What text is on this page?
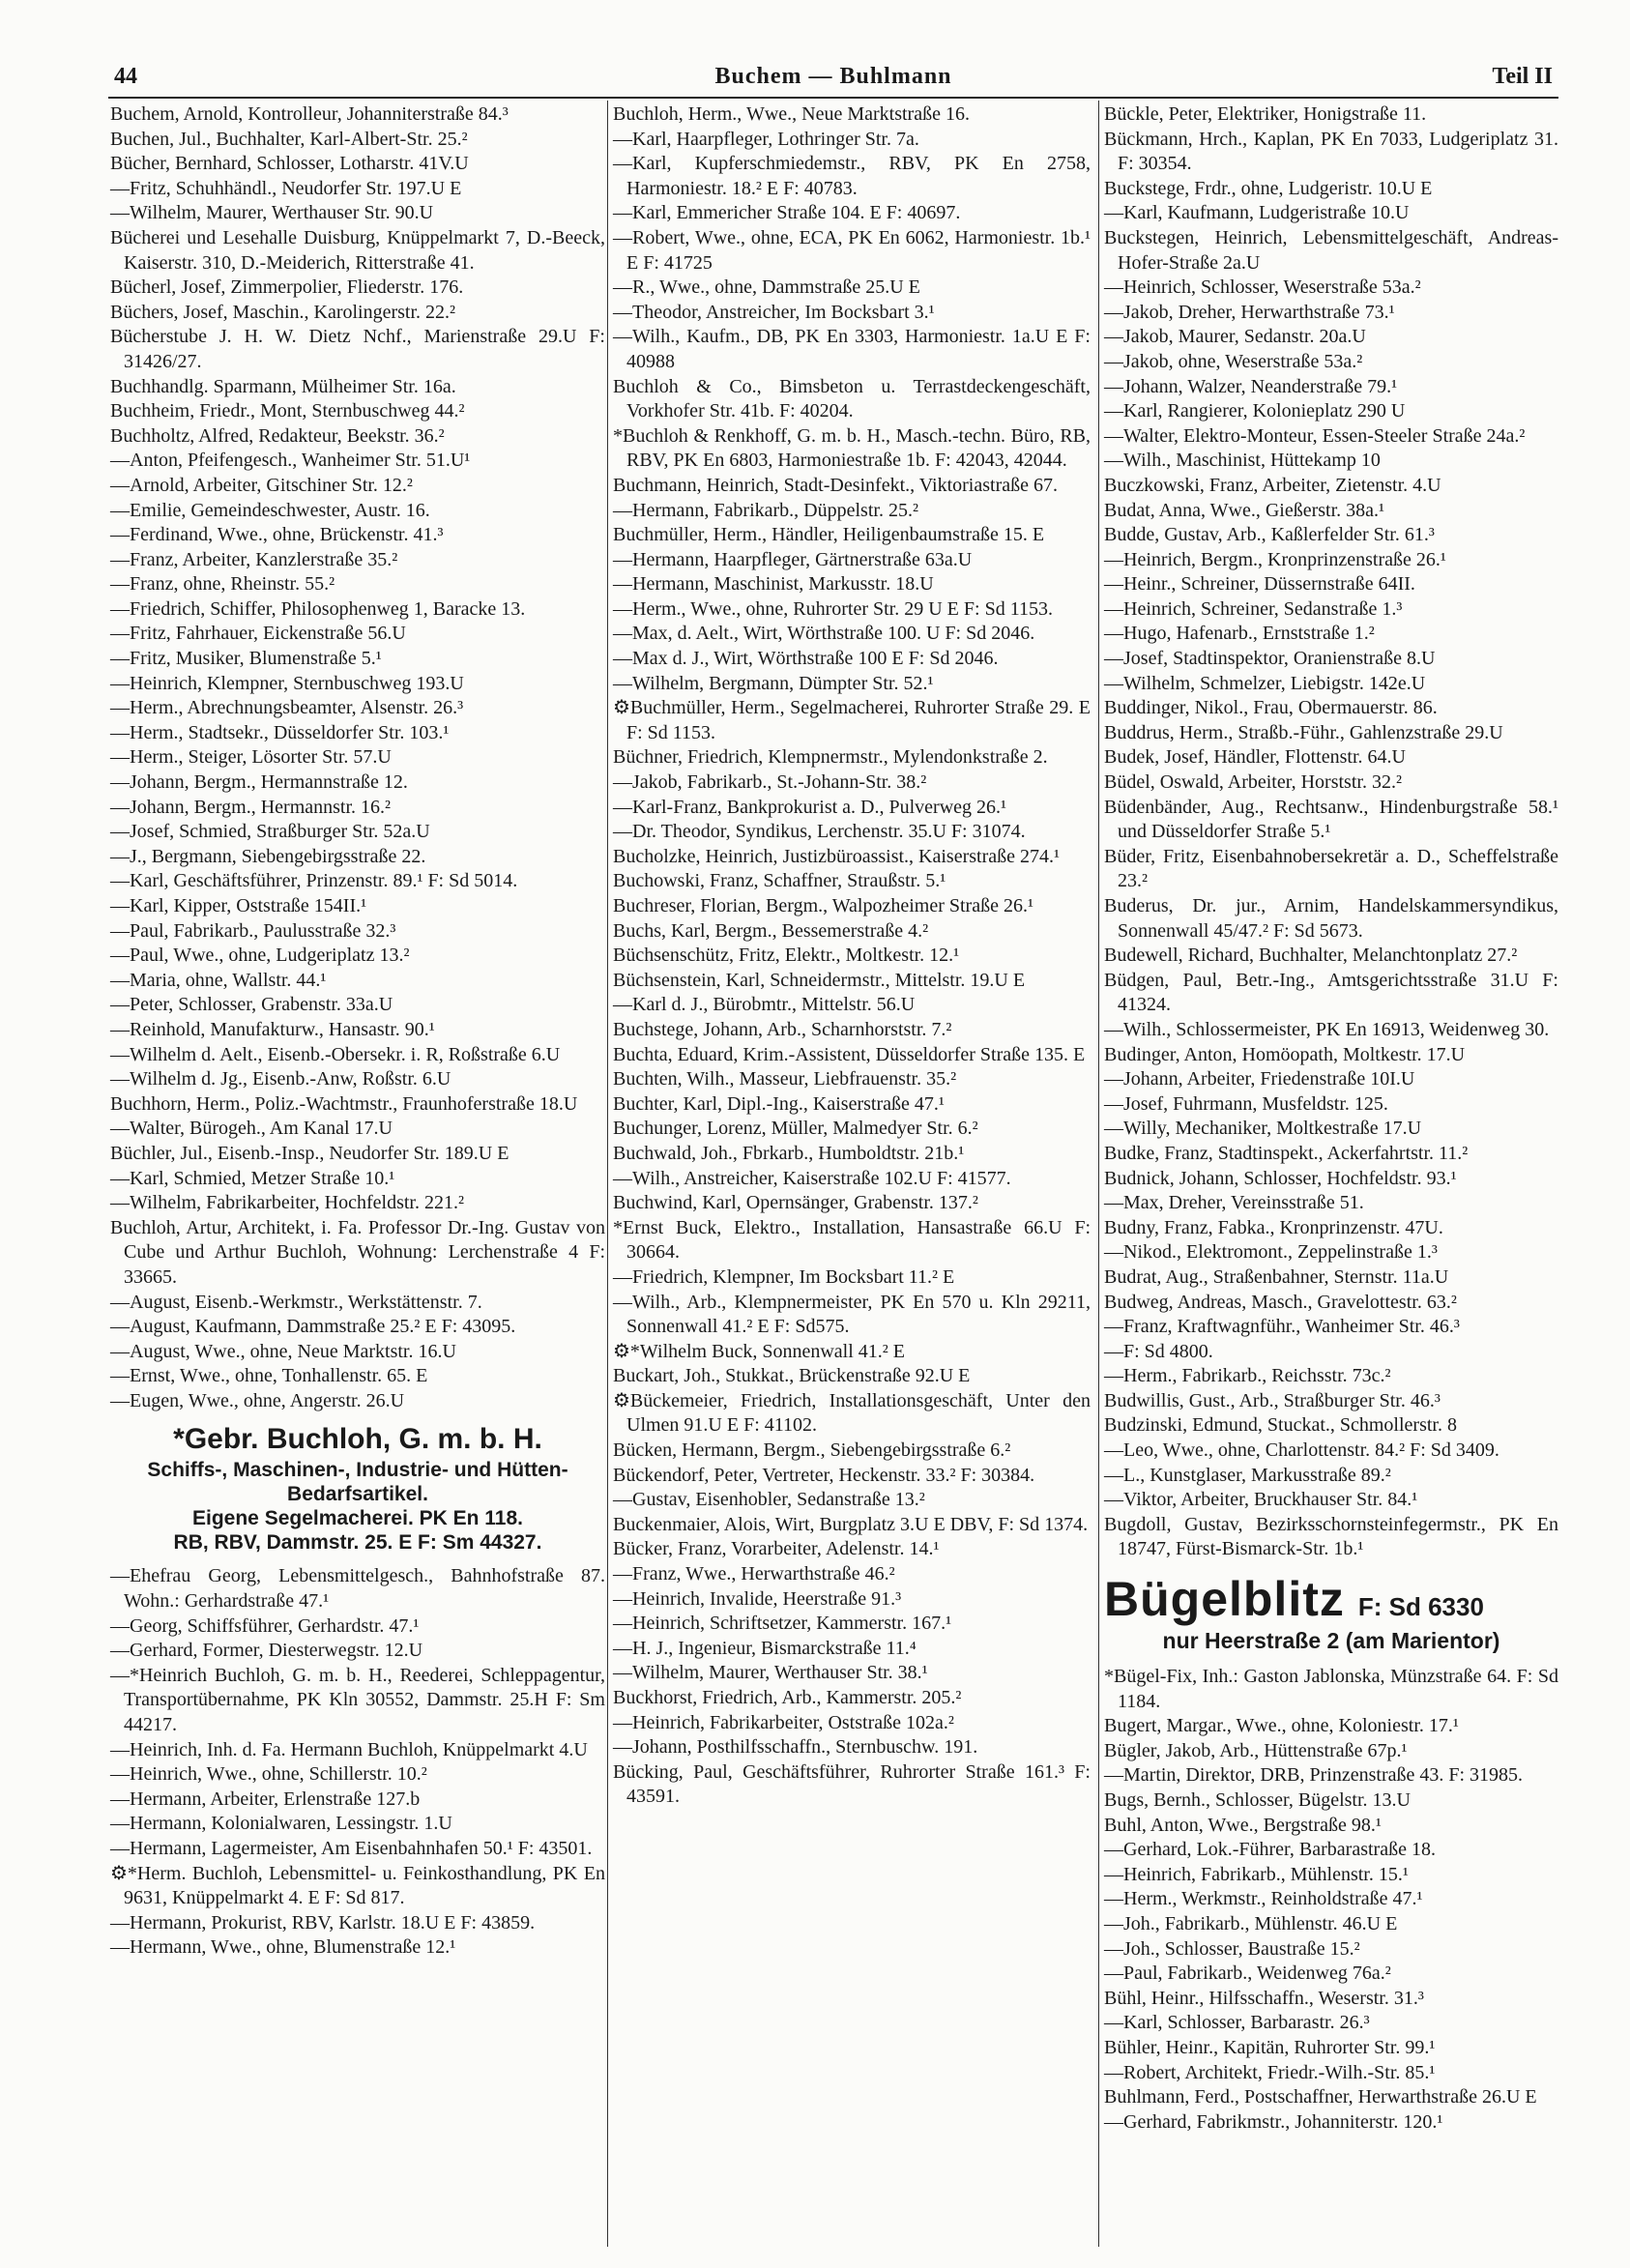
44	Buchem — Buhlmann	Teil II
Buchem, Arnold, Kontrolleur, Johanniterstraße 84.³
Buchen, Jul., Buchhalter, Karl-Albert-Str. 25.²
Bücher, Bernhard, Schlosser, Lotharstr. 41V.U
—Fritz, Schuhhändl., Neudorfer Str. 197.U E
—Wilhelm, Maurer, Werthauser Str. 90.U
Bücherei und Lesehalle Duisburg, Knüppelmarkt 7, D.-Beeck, Kaiserstr. 310, D.-Meiderich, Ritterstraße 41.
Bücherl, Josef, Zimmerpolier, Fliederstr. 176.
Büchers, Josef, Maschin., Karolingerstr. 22.²
Bücherstube J. H. W. Dietz Nchf., Marienstraße 29.U F: 31426/27.
Buchhandlg. Sparmann, Mülheimer Str. 16a.
Buchheim, Friedr., Mont, Sternbuschweg 44.²
Buchholtz, Alfred, Redakteur, Beekstr. 36.²
—Anton, Pfeifengesch., Wanheimer Str. 51.U¹
—Arnold, Arbeiter, Gitschiner Str. 12.²
—Emilie, Gemeindeschwester, Austr. 16.
—Ferdinand, Wwe., ohne, Brückenstr. 41.³
—Franz, Arbeiter, Kanzlerstraße 35.²
—Franz, ohne, Rheinstr. 55.²
—Friedrich, Schiffer, Philosophenweg 1, Baracke 13.
—Fritz, Fahrhauer, Eickenstraße 56.U
—Fritz, Musiker, Blumenstraße 5.¹
—Heinrich, Klempner, Sternbuschweg 193.U
—Herm., Abrechnungsbeamter, Alsenstr. 26.³
—Herm., Stadtsekr., Düsseldorfer Str. 103.¹
—Herm., Steiger, Lösorter Str. 57.U
—Johann, Bergm., Hermannstraße 12.
—Johann, Bergm., Hermannstr. 16.²
—Josef, Schmied, Straßburger Str. 52a.U
—J., Bergmann, Siebengebirgsstraße 22.
—Karl, Geschäftsführer, Prinzenstr. 89.¹ F: Sd 5014.
—Karl, Kipper, Oststraße 154II.¹
—Paul, Fabrikarb., Paulusstraße 32.³
—Paul, Wwe., ohne, Ludgeriplatz 13.²
—Maria, ohne, Wallstr. 44.¹
—Peter, Schlosser, Grabenstr. 33a.U
—Reinhold, Manufakturw., Hansastr. 90.¹
—Wilhelm d. Aelt., Eisenb.-Obersekr. i. R, Roßstraße 6.U
—Wilhelm d. Jg., Eisenb.-Anw, Roßstr. 6.U
Buchhorn, Herm., Poliz.-Wachtmstr., Fraunhoferstraße 18.U
—Walter, Bürogeh., Am Kanal 17.U
Büchler, Jul., Eisenb.-Insp., Neudorfer Str. 189.U E
—Karl, Schmied, Metzer Straße 10.¹
—Wilhelm, Fabrikarbeiter, Hochfeldstr. 221.²
Buchloh, Artur, Architekt, i. Fa. Professor Dr.-Ing. Gustav von Cube und Arthur Buchloh, Wohnung: Lerchenstraße 4 F: 33665.
—August, Eisenb.-Werkmstr., Werkstättenstr. 7.
—August, Kaufmann, Dammstraße 25.² E F: 43095.
—August, Wwe., ohne, Neue Marktstr. 16.U
—Ernst, Wwe., ohne, Tonhallenstr. 65. E
—Eugen, Wwe., ohne, Angerstr. 26.U
*Gebr. Buchloh, G. m. b. H.
Schiffs-, Maschinen-, Industrie- und Hütten-Bedarfsartikel.
Eigene Segelmacherei. PK En 118.
RB, RBV, Dammstr. 25. E F: Sm 44327.
—Ehefrau Georg, Lebensmittelgesch., Bahnhofstraße 87. Wohn.: Gerhardstraße 47.¹
—Georg, Schiffsführer, Gerhardstr. 47.¹
—Gerhard, Former, Diesterwegstr. 12.U
—*Heinrich Buchloh, G. m. b. H., Reederei, Schleppagentur, Transportübernahme, PK Kln 30552, Dammstr. 25.H F: Sm 44217.
—Heinrich, Inh. d. Fa. Hermann Buchloh, Knüppelmarkt 4.U
—Heinrich, Wwe., ohne, Schillerstr. 10.²
—Hermann, Arbeiter, Erlenstraße 127.b
—Hermann, Kolonialwaren, Lessingstr. 1.U
—Hermann, Lagermeister, Am Eisenbahnhafen 50.¹ F: 43501.
⚙*Herm. Buchloh, Lebensmittel- u. Feinkosthandlung, PK En 9631, Knüppelmarkt 4. E F: Sd 817.
—Hermann, Prokurist, RBV, Karlstr. 18.U E F: 43859.
—Hermann, Wwe., ohne, Blumenstraße 12.¹
Buchloh, Herm., Wwe., Neue Marktstraße 16.
—Karl, Haarpfleger, Lothringer Str. 7a.
—Karl, Kupferschmiedemstr., RBV, PK En 2758, Harmoniestr. 18.² E F: 40783.
—Karl, Emmericher Straße 104. E F: 40697.
—Robert, Wwe., ohne, ECA, PK En 6062, Harmoniestr. 1b.¹ E F: 41725
—R., Wwe., ohne, Dammstraße 25.U E
—Theodor, Anstreicher, Im Bocksbart 3.¹
—Wilh., Kaufm., DB, PK En 3303, Harmoniestr. 1a.U E F: 40988
Buchloh & Co., Bimsbeton u. Terrastdeckengeschäft, Vorkhofer Str. 41b. F: 40204.
*Buchloh & Renkhoff, G. m. b. H., Masch.-techn. Büro, RB, RBV, PK En 6803, Harmoniestraße 1b. F: 42043, 42044.
Buchmann, Heinrich, Stadt-Desinfekt., Viktoriastraße 67.
—Hermann, Fabrikarb., Düppelstr. 25.²
Buchmüller, Herm., Händler, Heiligenbaumstraße 15. E
—Hermann, Haarpfleger, Gärtnerstraße 63a.U
—Hermann, Maschinist, Markusstr. 18.U
—Herm., Wwe., ohne, Ruhrorter Str. 29 U E F: Sd 1153.
—Max, d. Aelt., Wirt, Wörthstraße 100. U F: Sd 2046.
—Max d. J., Wirt, Wörthstraße 100 E F: Sd 2046.
—Wilhelm, Bergmann, Dümpter Str. 52.¹
⚙Buchmüller, Herm., Segelmacherei, Ruhrorter Straße 29. E F: Sd 1153.
Büchner, Friedrich, Klempnermstr., Mylendonkstraße 2.
—Jakob, Fabrikarb., St.-Johann-Str. 38.²
—Karl-Franz, Bankprokurist a. D., Pulverweg 26.¹
—Dr. Theodor, Syndikus, Lerchenstr. 35.U F: 31074.
Bucholzke, Heinrich, Justizbüroassist., Kaiserstraße 274.¹
Buchowski, Franz, Schaffner, Straußstr. 5.¹
Buchreser, Florian, Bergm., Walpozheimer Straße 26.¹
Buchs, Karl, Bergm., Bessemerstraße 4.²
Büchsenschütz, Fritz, Elektr., Moltkestr. 12.¹
Büchsenstein, Karl, Schneidermstr., Mittelstr. 19.U E
—Karl d. J., Bürobmtr., Mittelstr. 56.U
Buchstege, Johann, Arb., Scharnhorststr. 7.²
Buchta, Eduard, Krim.-Assistent, Düsseldorfer Straße 135. E
Buchten, Wilh., Masseur, Liebfrauenstr. 35.²
Buchter, Karl, Dipl.-Ing., Kaiserstraße 47.¹
Buchunger, Lorenz, Müller, Malmedyer Str. 6.²
Buchwald, Joh., Fbrkarb., Humboldtstr. 21b.¹
—Wilh., Anstreicher, Kaiserstraße 102.U F: 41577.
Buchwind, Karl, Opernsänger, Grabenstr. 137.²
*Ernst Buck, Elektro., Installation, Hansastraße 66.U F: 30664.
—Friedrich, Klempner, Im Bocksbart 11.² E
—Wilh., Arb., Klempnermeister, PK En 570 u. Kln 29211, Sonnenwall 41.² E F: Sd575.
⚙*Wilhelm Buck, Sonnenwall 41.² E
Buckart, Joh., Stukkat., Brückenstraße 92.U E
⚙Bückemeier, Friedrich, Installationsgeschäft, Unter den Ulmen 91.U E F: 41102.
Bücken, Hermann, Bergm., Siebengebirgsstraße 6.²
Bückendorf, Peter, Vertreter, Heckenstr. 33.² F: 30384.
—Gustav, Eisenhobler, Sedanstraße 13.²
Buckenmaier, Alois, Wirt, Burgplatz 3.U E DBV, F: Sd 1374.
Bücker, Franz, Vorarbeiter, Adelenstr. 14.¹
—Franz, Wwe., Herwarthstraße 46.²
—Heinrich, Invalide, Heerstraße 91.³
—Heinrich, Schriftsetzer, Kammerstr. 167.¹
—H. J., Ingenieur, Bismarckstraße 11.⁴
—Wilhelm, Maurer, Werthauser Str. 38.¹
Buckhorst, Friedrich, Arb., Kammerstr. 205.²
—Heinrich, Fabrikarbeiter, Oststraße 102a.²
—Johann, Posthilfsschaffn., Sternbuschw. 191.
Bücking, Paul, Geschäftsführer, Ruhrorter Straße 161.³ F: 43591.
Bückle, Peter, Elektriker, Honigstraße 11.
Bückmann, Hrch., Kaplan, PK En 7033, Ludgeriplatz 31. F: 30354.
Buckstege, Frdr., ohne, Ludgeristr. 10.U E
—Karl, Kaufmann, Ludgeristraße 10.U
Buckstegen, Heinrich, Lebensmittelgeschäft, Andreas-Hofer-Straße 2a.U
—Heinrich, Schlosser, Weserstraße 53a.²
—Jakob, Dreher, Herwarthstraße 73.¹
—Jakob, Maurer, Sedanstr. 20a.U
—Jakob, ohne, Weserstraße 53a.²
—Johann, Walzer, Neanderstraße 79.¹
—Karl, Rangierer, Kolonieplatz 290 U
—Walter, Elektro-Monteur, Essen-Steeler Straße 24a.²
—Wilh., Maschinist, Hüttekamp 10
Buczkowski, Franz, Arbeiter, Zietenstr. 4.U
Budat, Anna, Wwe., Gießerstr. 38a.¹
Budde, Gustav, Arb., Kaßlerfelder Str. 61.³
—Heinrich, Bergm., Kronprinzenstraße 26.¹
—Heinr., Schreiner, Düssernstraße 64II.
—Heinrich, Schreiner, Sedanstraße 1.³
—Hugo, Hafenarb., Ernststraße 1.²
—Josef, Stadtinspektor, Oranienstraße 8.U
—Wilhelm, Schmelzer, Liebigstr. 142e.U
Buddinger, Nikol., Frau, Obermauerstr. 86.
Buddrus, Herm., Straßb.-Führ., Gahlenzstraße 29.U
Budek, Josef, Händler, Flottenstr. 64.U
Büdel, Oswald, Arbeiter, Horststr. 32.²
Büdenbänder, Aug., Rechtsanw., Hindenburgstraße 58.¹ und Düsseldorfer Straße 5.¹
Büder, Fritz, Eisenbahnobersekretär a. D., Scheffelstraße 23.²
Buderus, Dr. jur., Arnim, Handelskammersyndikus, Sonnenwall 45/47.² F: Sd 5673.
Budewell, Richard, Buchhalter, Melanchtonplatz 27.²
Büdgen, Paul, Betr.-Ing., Amtsgerichtsstraße 31.U F: 41324.
—Wilh., Schlossermeister, PK En 16913, Weidenweg 30.
Budinger, Anton, Homöopath, Moltkestr. 17.U
—Johann, Arbeiter, Friedenstraße 10I.U
—Josef, Fuhrmann, Musfeldstr. 125.
—Willy, Mechaniker, Moltkestraße 17.U
Budke, Franz, Stadtinspekt., Ackerfahrtstr. 11.²
Budnick, Johann, Schlosser, Hochfeldstr. 93.¹
—Max, Dreher, Vereinsstraße 51.
Budny, Franz, Fabka., Kronprinzenstr. 47U.
—Nikod., Elektromont., Zeppelinstraße 1.³
Budrat, Aug., Straßenbahner, Sternstr. 11a.U
Budweg, Andreas, Masch., Gravelottestr. 63.²
—Franz, Kraftwagnführ., Wanheimer Str. 46.³
—F: Sd 4800.
—Herm., Fabrikarb., Reichsstr. 73c.²
Budwillis, Gust., Arb., Straßburger Str. 46.³
Budzinski, Edmund, Stuckat., Schmollerstr. 8
—Leo, Wwe., ohne, Charlottenstr. 84.² F: Sd 3409.
—L., Kunstglaser, Markusstraße 89.²
—Viktor, Arbeiter, Bruckhauser Str. 84.¹
Bugdoll, Gustav, Bezirksschornsteinfegermstr., PK En 18747, Fürst-Bismarck-Str. 1b.¹
Bügelblitz F: Sd 6330
nur Heerstraße 2 (am Marientor)
*Bügel-Fix, Inh.: Gaston Jablonska, Münzstraße 64. F: Sd 1184.
Bugert, Margar., Wwe., ohne, Koloniestr. 17.¹
Bügler, Jakob, Arb., Hüttenstraße 67p.¹
—Martin, Direktor, DRB, Prinzenstraße 43. F: 31985.
Bugs, Bernh., Schlosser, Bügelstr. 13.U
Buhl, Anton, Wwe., Bergstraße 98.¹
—Gerhard, Lok.-Führer, Barbarastraße 18.
—Heinrich, Fabrikarb., Mühlenstr. 15.¹
—Herm., Werkmstr., Reinholdstraße 47.¹
—Joh., Fabrikarb., Mühlenstr. 46.U E
—Joh., Schlosser, Baustraße 15.²
—Paul, Fabrikarb., Weidenweg 76a.²
Bühl, Heinr., Hilfsschaffn., Weserstr. 31.³
—Karl, Schlosser, Barbarastr. 26.³
Bühler, Heinr., Kapitän, Ruhrorter Str. 99.¹
—Robert, Architekt, Friedr.-Wilh.-Str. 85.¹
Buhlmann, Ferd., Postschaffner, Herwarthstraße 26.U E
—Gerhard, Fabrikmstr., Johanniterstr. 120.¹
